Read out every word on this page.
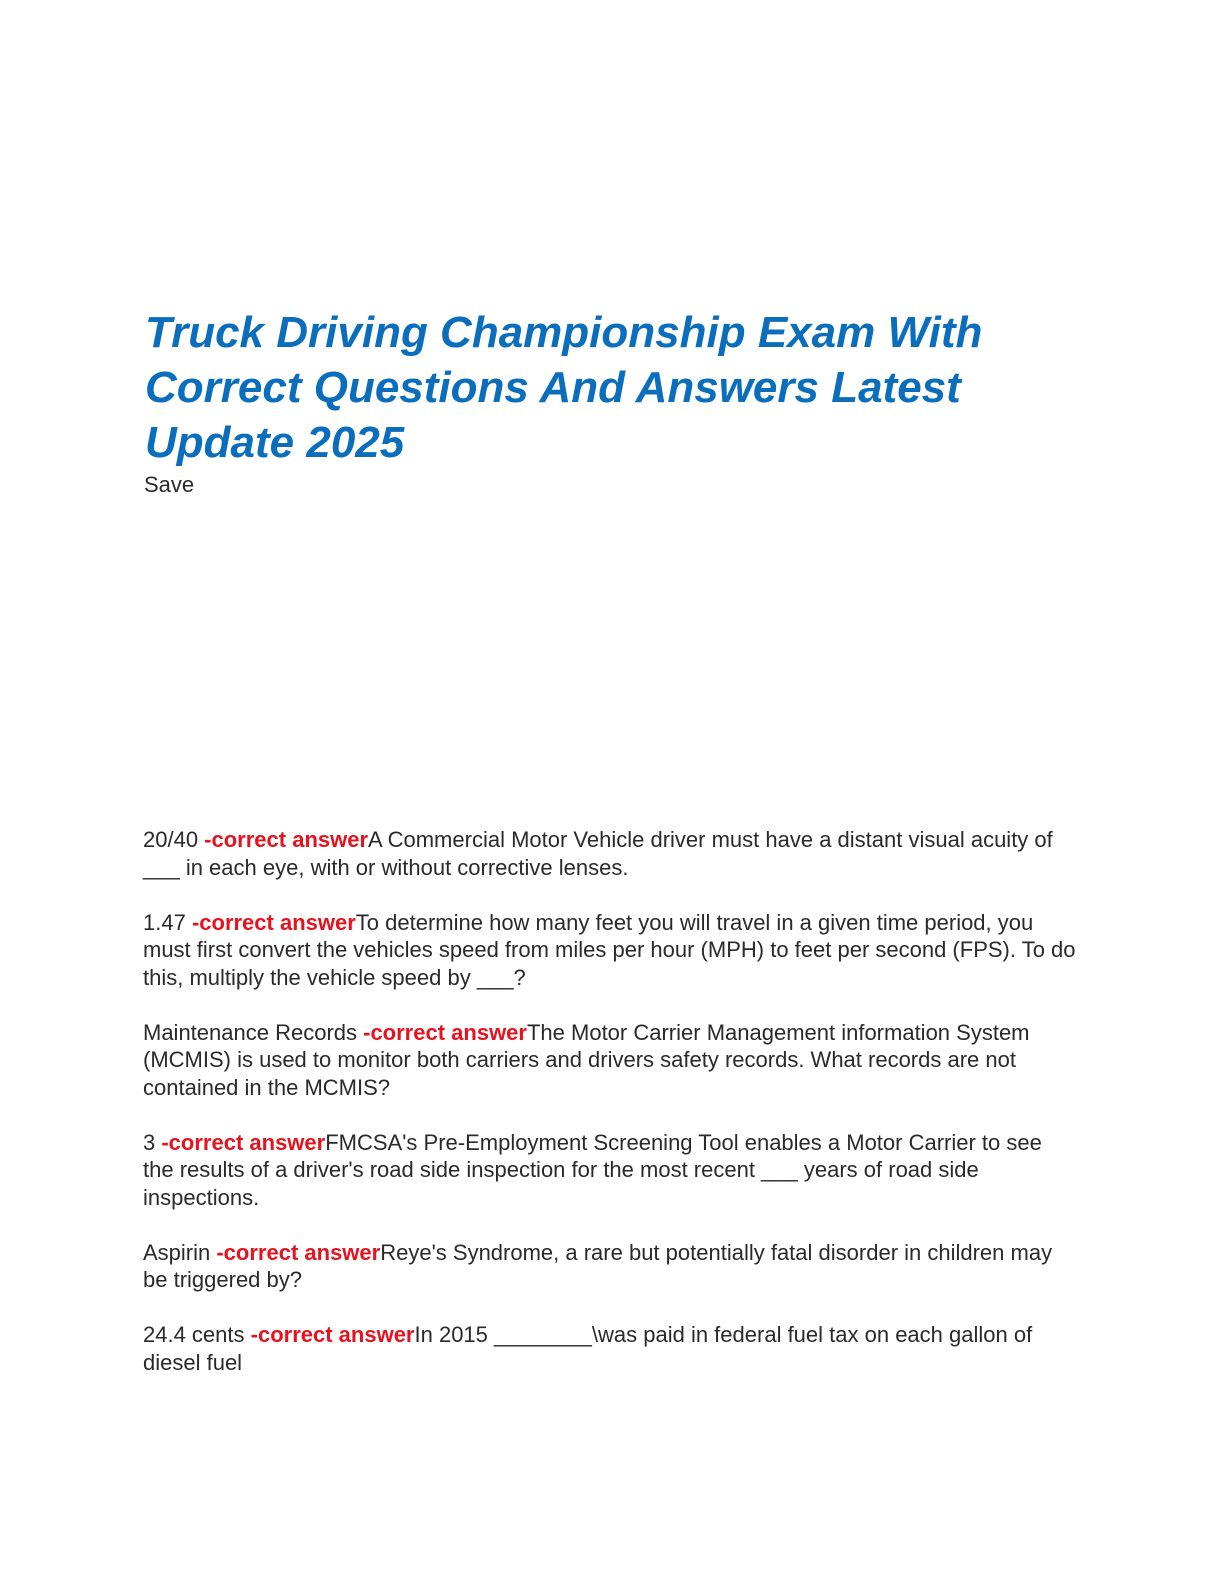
Truck Driving Championship Exam With Correct Questions And Answers Latest Update 2025
Save
20/40 -correct answerA Commercial Motor Vehicle driver must have a distant visual acuity of ___ in each eye, with or without corrective lenses.
1.47 -correct answerTo determine how many feet you will travel in a given time period, you must first convert the vehicles speed from miles per hour (MPH) to feet per second (FPS). To do this, multiply the vehicle speed by ___?
Maintenance Records -correct answerThe Motor Carrier Management information System (MCMIS) is used to monitor both carriers and drivers safety records. What records are not contained in the MCMIS?
3 -correct answerFMCSA's Pre-Employment Screening Tool enables a Motor Carrier to see the results of a driver's road side inspection for the most recent ___ years of road side inspections.
Aspirin -correct answerReye's Syndrome, a rare but potentially fatal disorder in children may be triggered by?
24.4 cents -correct answerIn 2015 ________\was paid in federal fuel tax on each gallon of diesel fuel
